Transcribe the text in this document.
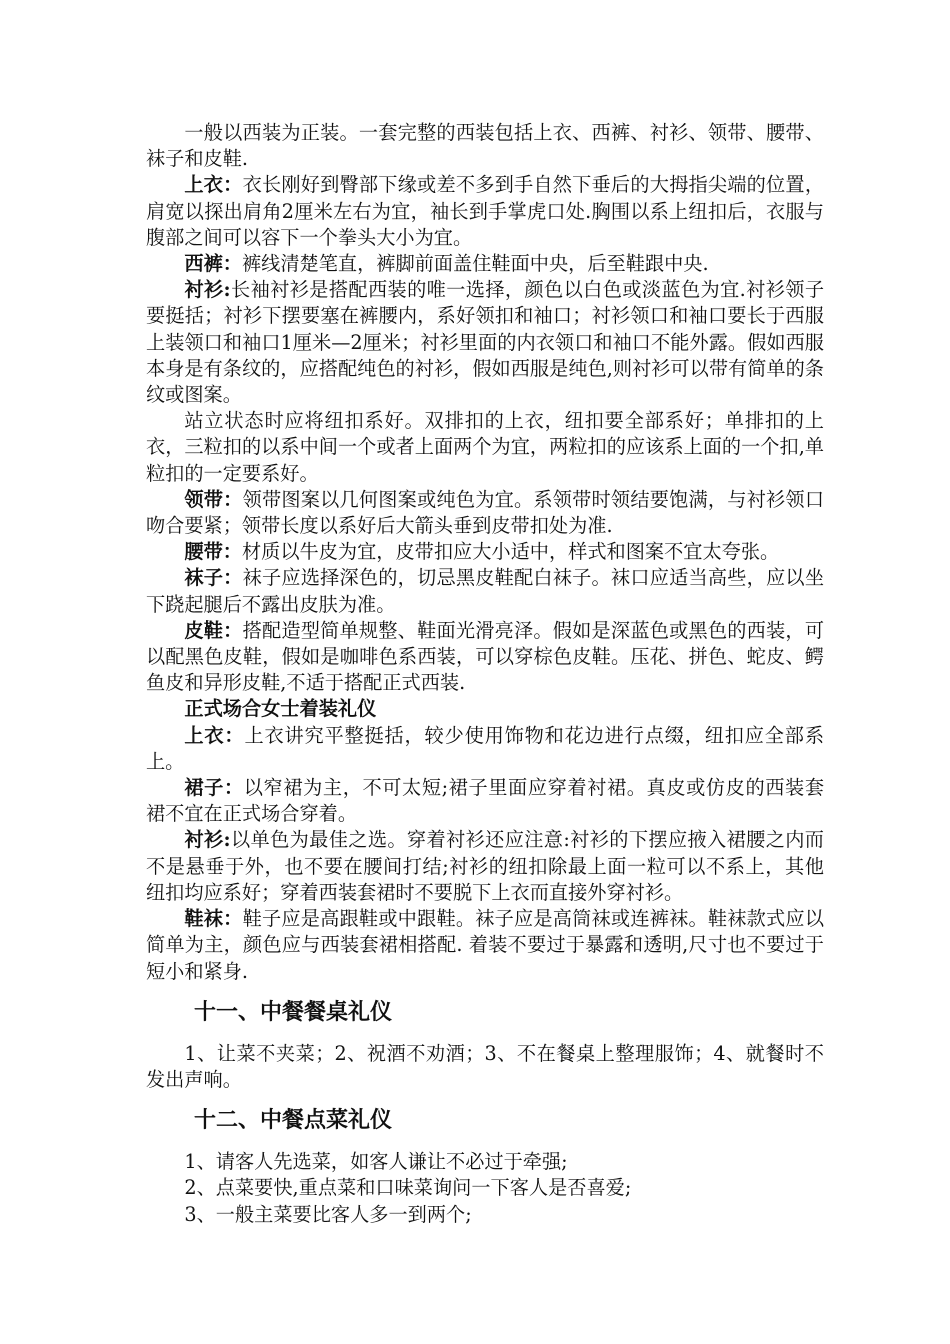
一般以西装为正装。一套完整的西装包括上衣、西裤、衬衫、领带、腰带、袜子和皮鞋.

上衣：衣长刚好到臀部下缘或差不多到手自然下垂后的大拇指尖端的位置，肩宽以探出肩角2厘米左右为宜，袖长到手掌虎口处.胸围以系上纽扣后，衣服与腹部之间可以容下一个拳头大小为宜。

西裤：裤线清楚笔直，裤脚前面盖住鞋面中央，后至鞋跟中央.

衬衫:长袖衬衫是搭配西装的唯一选择，颜色以白色或淡蓝色为宜.衬衫领子要挺括；衬衫下摆要塞在裤腰内，系好领扣和袖口；衬衫领口和袖口要长于西服上装领口和袖口1厘米—2厘米；衬衫里面的内衣领口和袖口不能外露。假如西服本身是有条纹的，应搭配纯色的衬衫，假如西服是纯色,则衬衫可以带有简单的条纹或图案。

站立状态时应将纽扣系好。双排扣的上衣，纽扣要全部系好；单排扣的上衣，三粒扣的以系中间一个或者上面两个为宜，两粒扣的应该系上面的一个扣,单粒扣的一定要系好。

领带：领带图案以几何图案或纯色为宜。系领带时领结要饱满，与衬衫领口吻合要紧；领带长度以系好后大箭头垂到皮带扣处为准.

腰带：材质以牛皮为宜，皮带扣应大小适中，样式和图案不宜太夸张。

袜子：袜子应选择深色的，切忌黑皮鞋配白袜子。袜口应适当高些，应以坐下跷起腿后不露出皮肤为准。

皮鞋：搭配造型简单规整、鞋面光滑亮泽。假如是深蓝色或黑色的西装，可以配黑色皮鞋，假如是咖啡色系西装，可以穿棕色皮鞋。压花、拼色、蛇皮、鳄鱼皮和异形皮鞋,不适于搭配正式西装.

正式场合女士着装礼仪

上衣：上衣讲究平整挺括，较少使用饰物和花边进行点缀，纽扣应全部系上。

裙子：以窄裙为主，不可太短;裙子里面应穿着衬裙。真皮或仿皮的西装套裙不宜在正式场合穿着。

衬衫:以单色为最佳之选。穿着衬衫还应注意:衬衫的下摆应掖入裙腰之内而不是悬垂于外，也不要在腰间打结;衬衫的纽扣除最上面一粒可以不系上，其他纽扣均应系好；穿着西装套裙时不要脱下上衣而直接外穿衬衫。

鞋袜：鞋子应是高跟鞋或中跟鞋。袜子应是高筒袜或连裤袜。鞋袜款式应以简单为主，颜色应与西装套裙相搭配. 着装不要过于暴露和透明,尺寸也不要过于短小和紧身.

十一、中餐餐桌礼仪

1、让菜不夹菜；2、祝酒不劝酒；3、不在餐桌上整理服饰；4、就餐时不发出声响。

十二、中餐点菜礼仪

1、请客人先选菜，如客人谦让不必过于牵强;

2、点菜要快,重点菜和口味菜询问一下客人是否喜爱;

3、一般主菜要比客人多一到两个;
